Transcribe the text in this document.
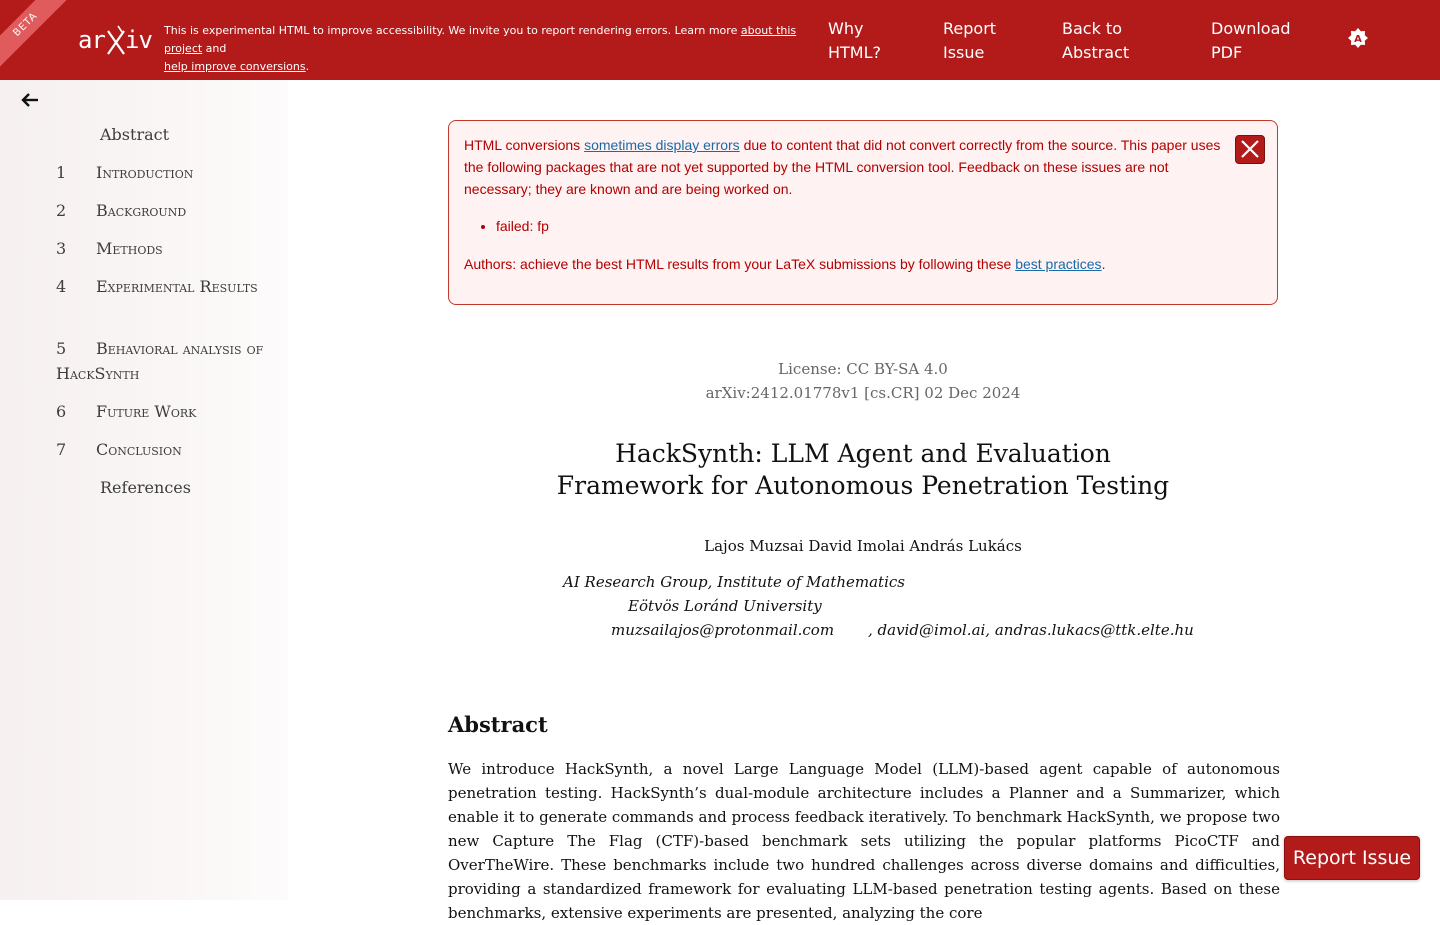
BETA
ar iv This is experimental HTML to improve accessibility. We invite you to report rendering errors. Learn more about this project and
help improve conversions.
Why
HTML?
Report
Issue
Back to
Abstract
Download
PDF
A
Abstract
1 Introduction
2 Background
3 Methods
4 Experimental Results
5 Behavioral analysis of HackSynth
6 Future Work
7 Conclusion
References
HTML conversions sometimes display errors due to content that did not convert correctly from the source. This paper uses the following packages that are not yet supported by the HTML conversion tool. Feedback on these issues are not necessary; they are known and are being worked on.
• failed: fp
Authors: achieve the best HTML results from your LaTeX submissions by following these best practices.
License: CC BY-SA 4.0
arXiv:2412.01778v1 [cs.CR] 02 Dec 2024
HackSynth: LLM Agent and Evaluation
Framework for Autonomous Penetration Testing
Lajos Muzsai David Imolai András Lukács
AI Research Group, Institute of Mathematics
Eötvös Loránd University
muzsailajos@protonmail.com , david@imol.ai, andras.lukacs@ttk.elte.hu
Abstract
We introduce HackSynth, a novel Large Language Model (LLM)-based agent capable of autonomous penetration testing. HackSynth’s dual-module architecture includes a Planner and a Summarizer, which enable it to generate commands and process feedback iteratively. To benchmark HackSynth, we propose two new Capture The Flag (CTF)-based benchmark sets utilizing the popular platforms PicoCTF and OverTheWire. These benchmarks include two hundred challenges across diverse domains and difficulties, providing a standardized framework for evaluating LLM-based penetration testing agents. Based on these benchmarks, extensive experiments are presented, analyzing the core
Report Issue
